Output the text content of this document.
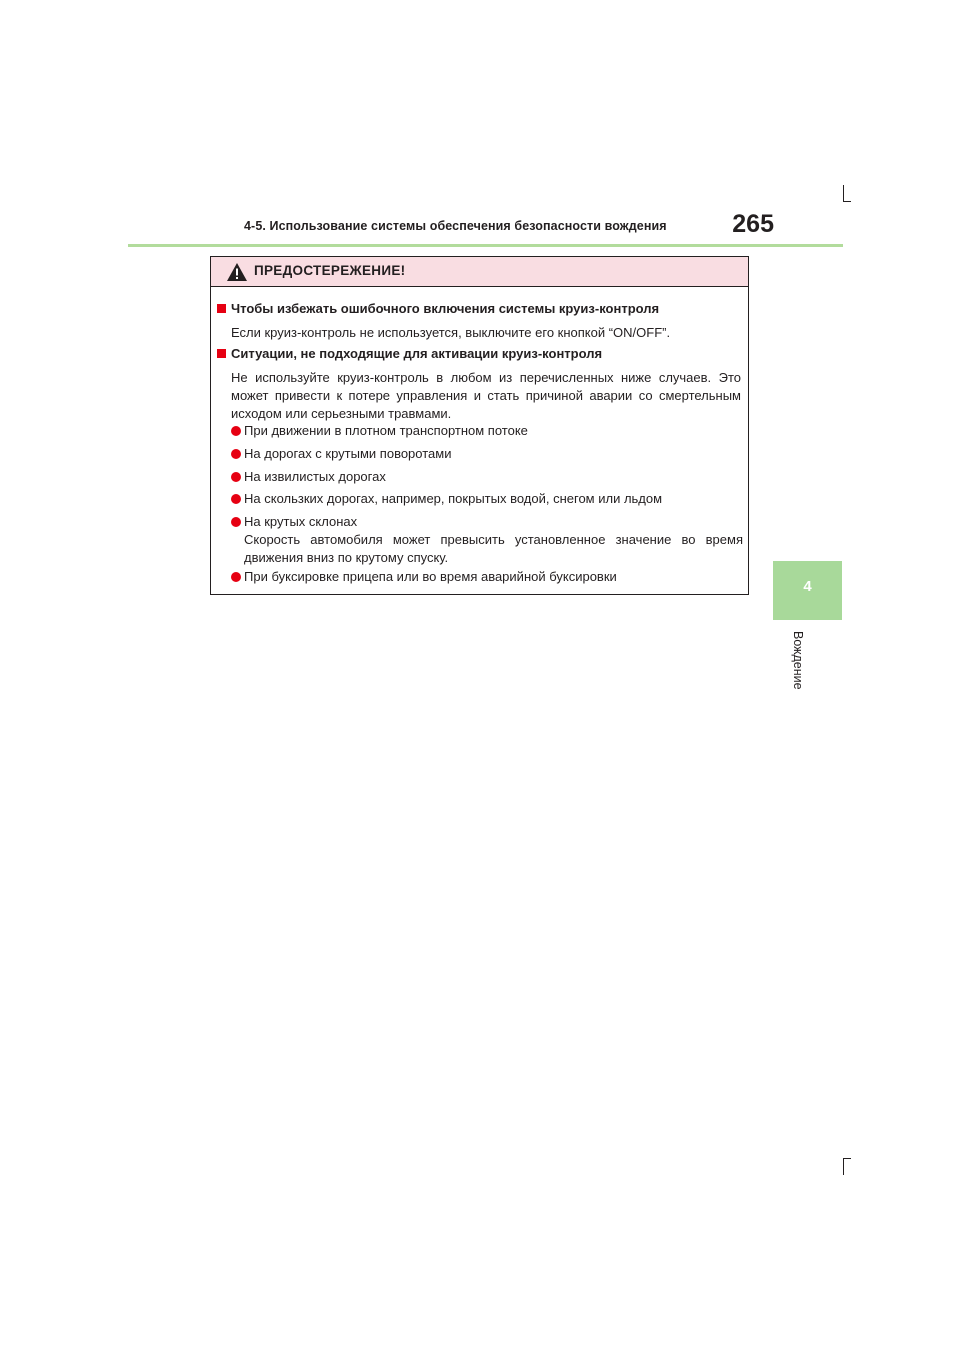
4-5. Использование системы обеспечения безопасности вождения	265
4
Вождение
ПРЕДОСТЕРЕЖЕНИЕ!
Чтобы избежать ошибочного включения системы круиз-контроля
Если круиз-контроль не используется, выключите его кнопкой “ON/OFF”.
Ситуации, не подходящие для активации круиз-контроля
Не используйте круиз-контроль в любом из перечисленных ниже случаев. Это может привести к потере управления и стать причиной аварии со смертельным исходом или серьезными травмами.
При движении в плотном транспортном потоке
На дорогах с крутыми поворотами
На извилистых дорогах
На скользких дорогах, например, покрытых водой, снегом или льдом
На крутых склонах
Скорость автомобиля может превысить установленное значение во время движения вниз по крутому спуску.
При буксировке прицепа или во время аварийной буксировки
